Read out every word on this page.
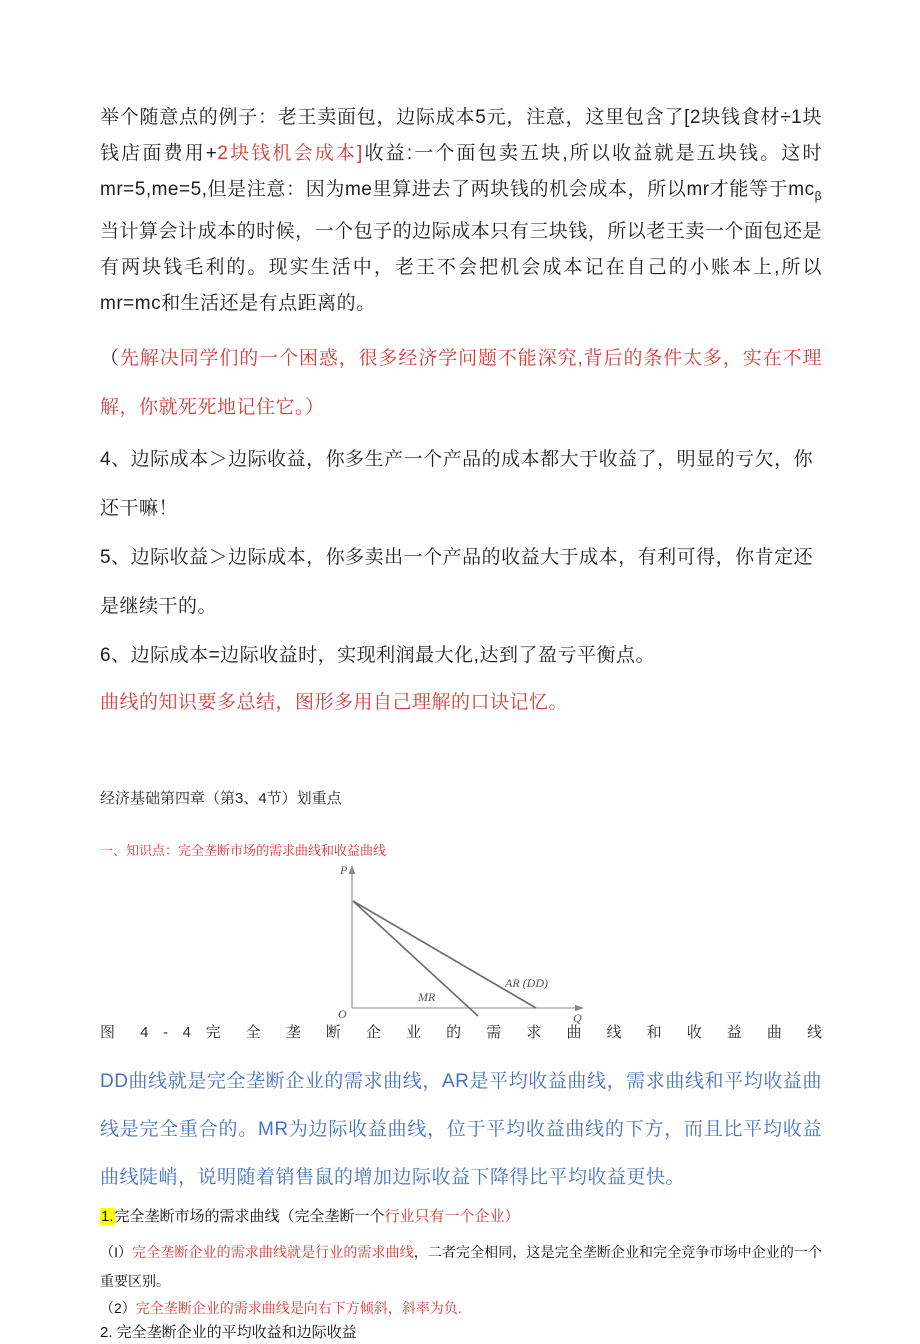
举个随意点的例子：老王卖面包，边际成本5元，注意，这里包含了[2块钱食材÷1块钱店面费用+2块钱机会成本]收益:一个面包卖五块,所以收益就是五块钱。这时mr=5,me=5,但是注意：因为me里算进去了两块钱的机会成本，所以mr才能等于$mc_\beta$当计算会计成本的时候，一个包子的边际成本只有三块钱，所以老王卖一个面包还是有两块钱毛利的。现实生活中，老王不会把机会成本记在自己的小账本上,所以mr=mc和生活还是有点距离的。
（先解决同学们的一个困惑，很多经济学问题不能深究,背后的条件太多，实在不理解，你就死死地记住它。）
4、边际成本＞边际收益，你多生产一个产品的成本都大于收益了，明显的亏欠，你还干嘛！
5、边际收益＞边际成本，你多卖出一个产品的收益大于成本，有利可得，你肯定还是继续干的。
6、边际成本=边际收益时，实现利润最大化,达到了盈亏平衡点。
曲线的知识要多总结，图形多用自己理解的口诀记忆。
经济基础第四章（第3、4节）划重点
一、知识点：完全垄断市场的需求曲线和收益曲线
P
O	Q
MR
AR (DD)
图 4 - 4 完 全 垄 断 企 业 的 需 求 曲 线 和 收 益 曲 线
DD曲线就是完全垄断企业的需求曲线，AR是平均收益曲线，需求曲线和平均收益曲线是完全重合的。MR为边际收益曲线，位于平均收益曲线的下方，而且比平均收益曲线陡峭，说明随着销售鼠的增加边际收益下降得比平均收益更快。
1.完全垄断市场的需求曲线（完全垄断一个行业只有一个企业）
（I）完全垄断企业的需求曲线就是行业的需求曲线，二者完全相同，这是完全垄断企业和完全竞争市场中企业的一个重要区别。
（2）完全垄断企业的需求曲线是向右下方倾斜，斜率为负.
2. 完全垄断企业的平均收益和边际收益
